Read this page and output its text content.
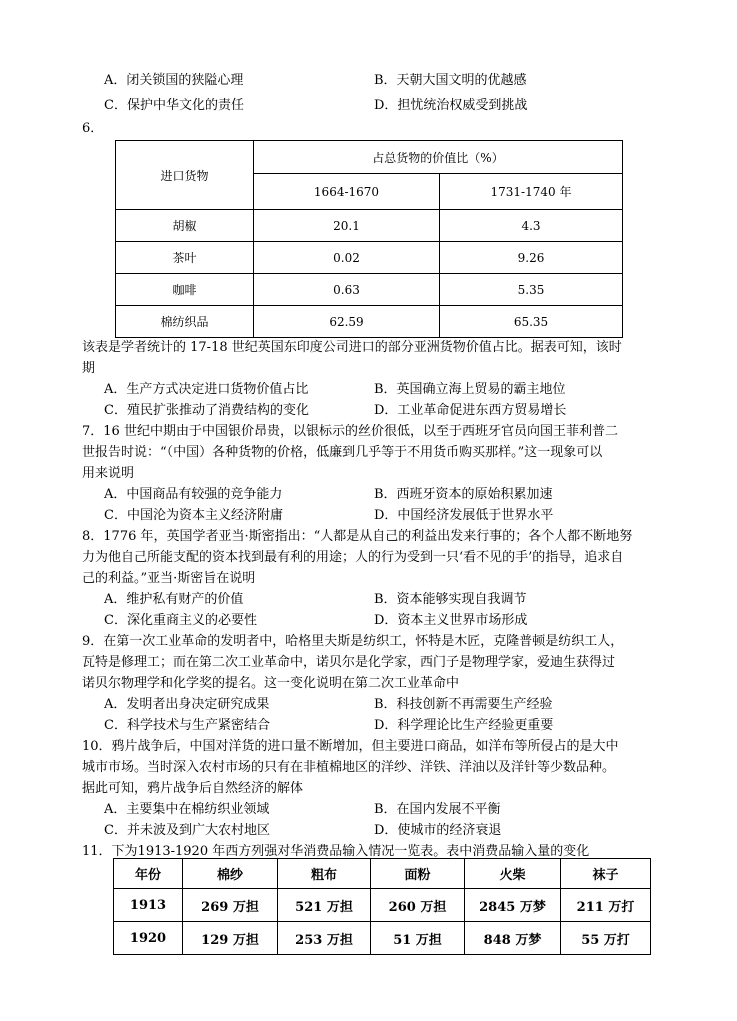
A．闭关锁国的狭隘心理	B．天朝大国文明的优越感
C．保护中华文化的责任	D．担忧统治权威受到挑战
6．
进口货物	占总货物的价值比（%）	
	1664-1670	1731-1740 年
胡椒	20.1	4.3
茶叶	0.02	9.26
咖啡	0.63	5.35
棉纺织品	62.59	65.35
该表是学者统计的 17-18 世纪英国东印度公司进口的部分亚洲货物价值占比。据表可知，该时
期
A．生产方式决定进口货物价值占比	B．英国确立海上贸易的霸主地位
C．殖民扩张推动了消费结构的变化	D．工业革命促进东西方贸易增长
7．16 世纪中期由于中国银价昂贵，以银标示的丝价很低，以至于西班牙官员向国王菲利普二
世报告时说：“（中国）各种货物的价格，低廉到几乎等于不用货币购买那样。”这一现象可以
用来说明
A．中国商品有较强的竞争能力	B．西班牙资本的原始积累加速
C．中国沦为资本主义经济附庸	D．中国经济发展低于世界水平
8．1776 年，英国学者亚当·斯密指出：“人都是从自己的利益出发来行事的；各个人都不断地努
力为他自己所能支配的资本找到最有利的用途；人的行为受到一只‘看不见的手’的指导，追求自
己的利益。”亚当·斯密旨在说明
A．维护私有财产的价值	B．资本能够实现自我调节
C．深化重商主义的必要性	D．资本主义世界市场形成
9．在第一次工业革命的发明者中，哈格里夫斯是纺织工，怀特是木匠，克隆普顿是纺织工人，
瓦特是修理工；而在第二次工业革命中，诺贝尔是化学家，西门子是物理学家，爱迪生获得过
诺贝尔物理学和化学奖的提名。这一变化说明在第二次工业革命中
A．发明者出身决定研究成果	B．科技创新不再需要生产经验
C．科学技术与生产紧密结合	D．科学理论比生产经验更重要
10．鸦片战争后，中国对洋货的进口量不断增加，但主要进口商品，如洋布等所侵占的是大中
城市市场。当时深入农村市场的只有在非植棉地区的洋纱、洋铁、洋油以及洋针等少数品种。
据此可知，鸦片战争后自然经济的解体
A．主要集中在棉纺织业领域	B．在国内发展不平衡
C．并未波及到广大农村地区	D．使城市的经济衰退
11．下为1913-1920 年西方列强对华消费品输入情况一览表。表中消费品输入量的变化
年份	棉纱	粗布	面粉	火柴	袜子
1913	269 万担	521 万担	260 万担	2845 万梦	211 万打
1920	129 万担	253 万担	51 万担	848 万梦	55 万打
